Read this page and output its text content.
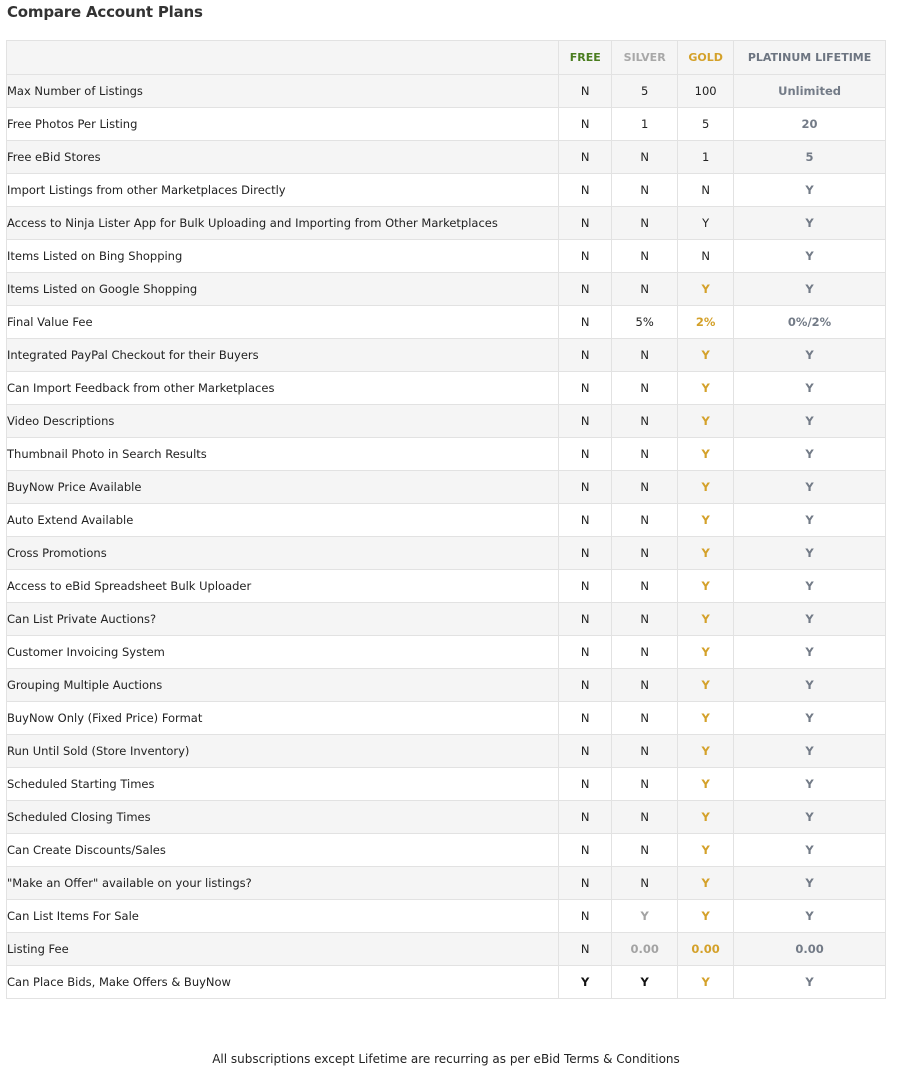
Compare Account Plans
	FREE	SILVER	GOLD	PLATINUM LIFETIME
Max Number of Listings	N	5	100	Unlimited
Free Photos Per Listing	N	1	5	20
Free eBid Stores	N	N	1	5
Import Listings from other Marketplaces Directly	N	N	N	Y
Access to Ninja Lister App for Bulk Uploading and Importing from Other Marketplaces	N	N	Y	Y
Items Listed on Bing Shopping	N	N	N	Y
Items Listed on Google Shopping	N	N	Y	Y
Final Value Fee	N	5%	2%	0%/2%
Integrated PayPal Checkout for their Buyers	N	N	Y	Y
Can Import Feedback from other Marketplaces	N	N	Y	Y
Video Descriptions	N	N	Y	Y
Thumbnail Photo in Search Results	N	N	Y	Y
BuyNow Price Available	N	N	Y	Y
Auto Extend Available	N	N	Y	Y
Cross Promotions	N	N	Y	Y
Access to eBid Spreadsheet Bulk Uploader	N	N	Y	Y
Can List Private Auctions?	N	N	Y	Y
Customer Invoicing System	N	N	Y	Y
Grouping Multiple Auctions	N	N	Y	Y
BuyNow Only (Fixed Price) Format	N	N	Y	Y
Run Until Sold (Store Inventory)	N	N	Y	Y
Scheduled Starting Times	N	N	Y	Y
Scheduled Closing Times	N	N	Y	Y
Can Create Discounts/Sales	N	N	Y	Y
"Make an Offer" available on your listings?	N	N	Y	Y
Can List Items For Sale	N	Y	Y	Y
Listing Fee	N	0.00	0.00	0.00
Can Place Bids, Make Offers & BuyNow	Y	Y	Y	Y
All subscriptions except Lifetime are recurring as per eBid Terms & Conditions
